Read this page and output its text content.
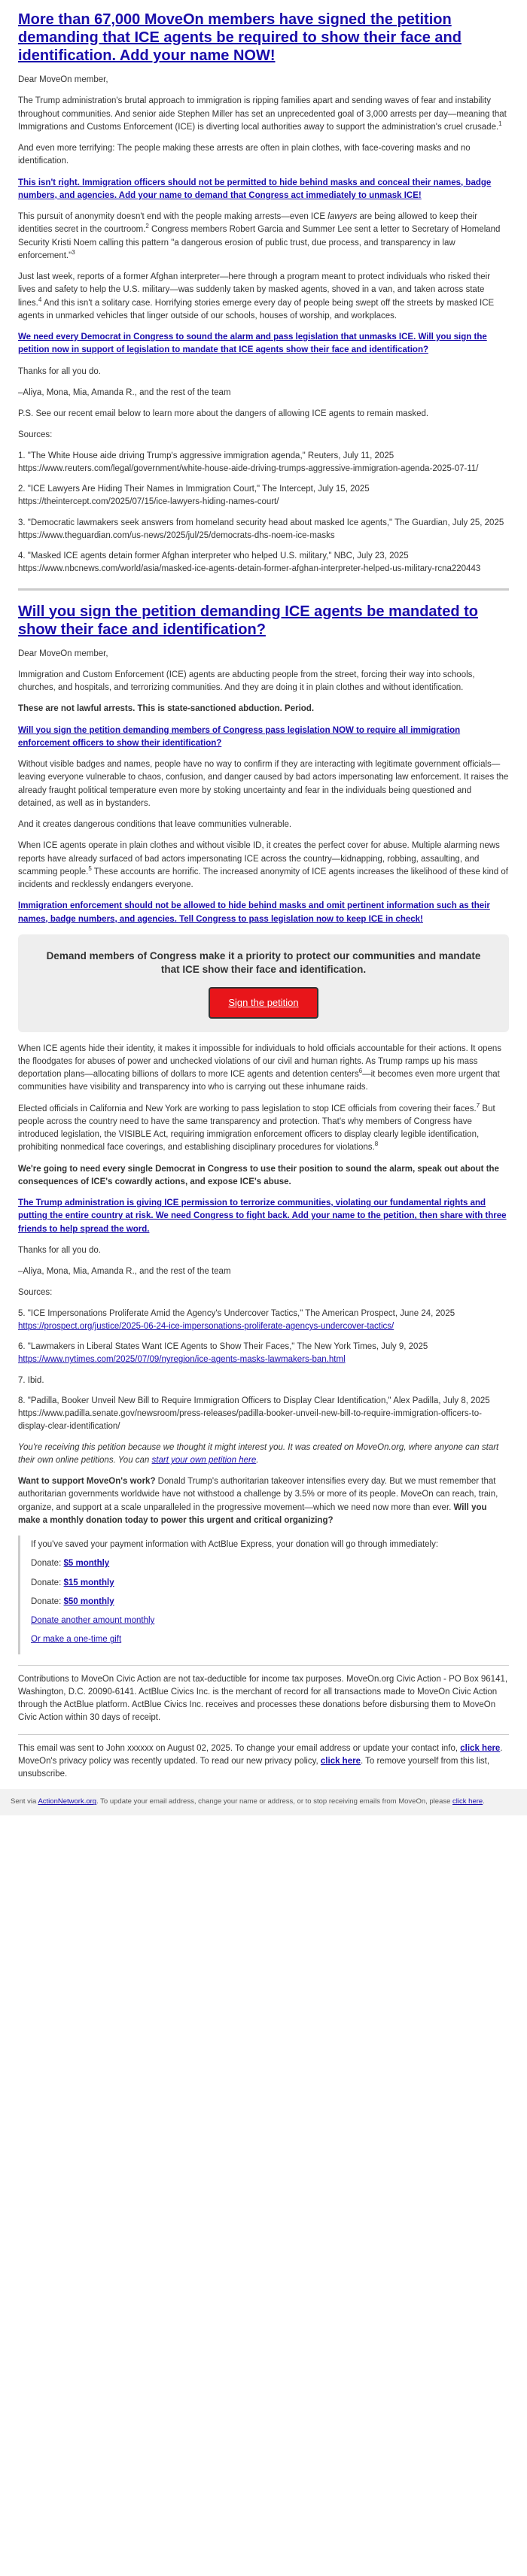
More than 67,000 MoveOn members have signed the petition demanding that ICE agents be required to show their face and identification. Add your name NOW!

Dear MoveOn member,

The Trump administration's brutal approach to immigration is ripping families apart and sending waves of fear and instability throughout communities. And senior aide Stephen Miller has set an unprecedented goal of 3,000 arrests per day—meaning that Immigrations and Customs Enforcement (ICE) is diverting local authorities away to support the administration's cruel crusade.$^1$

And even more terrifying: The people making these arrests are often in plain clothes, with face-covering masks and no identification.

This isn't right. Immigration officers should not be permitted to hide behind masks and conceal their names, badge numbers, and agencies. Add your name to demand that Congress act immediately to unmask ICE!

This pursuit of anonymity doesn't end with the people making arrests—even ICE lawyers are being allowed to keep their identities secret in the courtroom.$^2$ Congress members Robert Garcia and Summer Lee sent a letter to Secretary of Homeland Security Kristi Noem calling this pattern "a dangerous erosion of public trust, due process, and transparency in law enforcement."$^3$

Just last week, reports of a former Afghan interpreter—here through a program meant to protect individuals who risked their lives and safety to help the U.S. military—was suddenly taken by masked agents, shoved in a van, and taken across state lines.$^4$ And this isn't a solitary case. Horrifying stories emerge every day of people being swept off the streets by masked ICE agents in unmarked vehicles that linger outside of our schools, houses of worship, and workplaces.

We need every Democrat in Congress to sound the alarm and pass legislation that unmasks ICE. Will you sign the petition now in support of legislation to mandate that ICE agents show their face and identification?

Thanks for all you do.

–Aliya, Mona, Mia, Amanda R., and the rest of the team

P.S. See our recent email below to learn more about the dangers of allowing ICE agents to remain masked.

Sources:

1. "The White House aide driving Trump's aggressive immigration agenda," Reuters, July 11, 2025
https://www.reuters.com/legal/government/white-house-aide-driving-trumps-aggressive-immigration-agenda-2025-07-11/

2. "ICE Lawyers Are Hiding Their Names in Immigration Court," The Intercept, July 15, 2025
https://theintercept.com/2025/07/15/ice-lawyers-hiding-names-court/

3. "Democratic lawmakers seek answers from homeland security head about masked Ice agents," The Guardian, July 25, 2025
https://www.theguardian.com/us-news/2025/jul/25/democrats-dhs-noem-ice-masks

4. "Masked ICE agents detain former Afghan interpreter who helped U.S. military," NBC, July 23, 2025
https://www.nbcnews.com/world/asia/masked-ice-agents-detain-former-afghan-interpreter-helped-us-military-rcna220443

Will you sign the petition demanding ICE agents be mandated to show their face and identification?

Dear MoveOn member,

Immigration and Custom Enforcement (ICE) agents are abducting people from the street, forcing their way into schools, churches, and hospitals, and terrorizing communities. And they are doing it in plain clothes and without identification.

These are not lawful arrests. This is state-sanctioned abduction. Period.

Will you sign the petition demanding members of Congress pass legislation NOW to require all immigration enforcement officers to show their identification?

Without visible badges and names, people have no way to confirm if they are interacting with legitimate government officials—leaving everyone vulnerable to chaos, confusion, and danger caused by bad actors impersonating law enforcement. It raises the already fraught political temperature even more by stoking uncertainty and fear in the individuals being questioned and detained, as well as in bystanders.

And it creates dangerous conditions that leave communities vulnerable.

When ICE agents operate in plain clothes and without visible ID, it creates the perfect cover for abuse. Multiple alarming news reports have already surfaced of bad actors impersonating ICE across the country—kidnapping, robbing, assaulting, and scamming people.$^5$ These accounts are horrific. The increased anonymity of ICE agents increases the likelihood of these kind of incidents and recklessly endangers everyone.

Immigration enforcement should not be allowed to hide behind masks and omit pertinent information such as their names, badge numbers, and agencies. Tell Congress to pass legislation now to keep ICE in check!

Demand members of Congress make it a priority to protect our communities and mandate that ICE show their face and identification.

Sign the petition

When ICE agents hide their identity, it makes it impossible for individuals to hold officials accountable for their actions. It opens the floodgates for abuses of power and unchecked violations of our civil and human rights. As Trump ramps up his mass deportation plans—allocating billions of dollars to more ICE agents and detention centers$^6$—it becomes even more urgent that communities have visibility and transparency into who is carrying out these inhumane raids.

Elected officials in California and New York are working to pass legislation to stop ICE officials from covering their faces.$^7$ But people across the country need to have the same transparency and protection. That's why members of Congress have introduced legislation, the VISIBLE Act, requiring immigration enforcement officers to display clearly legible identification, prohibiting nonmedical face coverings, and establishing disciplinary procedures for violations.$^8$

We're going to need every single Democrat in Congress to use their position to sound the alarm, speak out about the consequences of ICE's cowardly actions, and expose ICE's abuse.

The Trump administration is giving ICE permission to terrorize communities, violating our fundamental rights and putting the entire country at risk. We need Congress to fight back. Add your name to the petition, then share with three friends to help spread the word.

Thanks for all you do.

–Aliya, Mona, Mia, Amanda R., and the rest of the team

Sources:

5. "ICE Impersonations Proliferate Amid the Agency's Undercover Tactics," The American Prospect, June 24, 2025
https://prospect.org/justice/2025-06-24-ice-impersonations-proliferate-agencys-undercover-tactics/

6. "Lawmakers in Liberal States Want ICE Agents to Show Their Faces," The New York Times, July 9, 2025
https://www.nytimes.com/2025/07/09/nyregion/ice-agents-masks-lawmakers-ban.html

7. Ibid.

8. "Padilla, Booker Unveil New Bill to Require Immigration Officers to Display Clear Identification," Alex Padilla, July 8, 2025
https://www.padilla.senate.gov/newsroom/press-releases/padilla-booker-unveil-new-bill-to-require-immigration-officers-to-display-clear-identification/

You're receiving this petition because we thought it might interest you. It was created on MoveOn.org, where anyone can start their own online petitions. You can start your own petition here.

Want to support MoveOn's work? Donald Trump's authoritarian takeover intensifies every day. But we must remember that authoritarian governments worldwide have not withstood a challenge by 3.5% or more of its people. MoveOn can reach, train, organize, and support at a scale unparalleled in the progressive movement—which we need now more than ever. Will you make a monthly donation today to power this urgent and critical organizing?

If you've saved your payment information with ActBlue Express, your donation will go through immediately:

Donate: $5 monthly

Donate: $15 monthly

Donate: $50 monthly

Donate another amount monthly

Or make a one-time gift

Contributions to MoveOn Civic Action are not tax-deductible for income tax purposes. MoveOn.org Civic Action - PO Box 96141, Washington, D.C. 20090-6141. ActBlue Civics Inc. is the merchant of record for all transactions made to MoveOn Civic Action through the ActBlue platform. ActBlue Civics Inc. receives and processes these donations before disbursing them to MoveOn Civic Action within 30 days of receipt.

This email was sent to John xxxxxx on August 02, 2025. To change your email address or update your contact info, click here. MoveOn's privacy policy was recently updated. To read our new privacy policy, click here. To remove yourself from this list, unsubscribe.

Sent via ActionNetwork.org. To update your email address, change your name or address, or to stop receiving emails from MoveOn, please click here.
